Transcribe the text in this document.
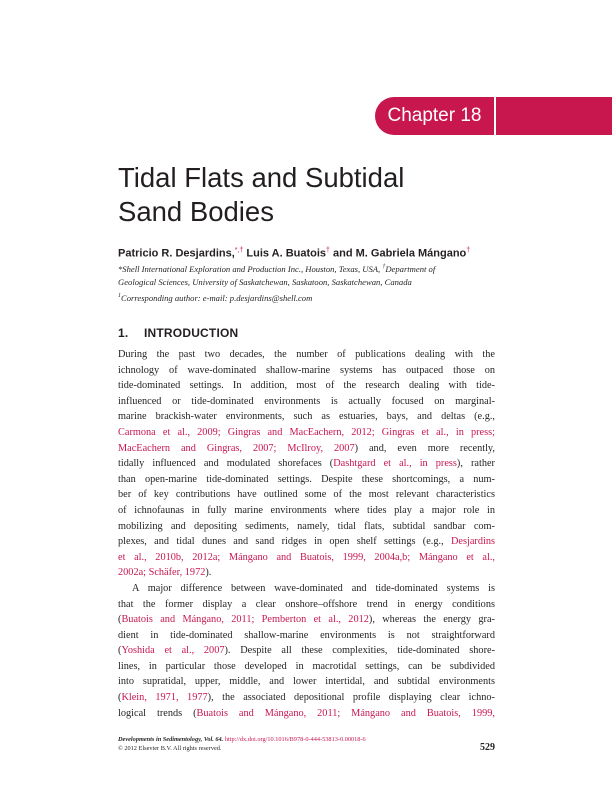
Chapter 18
Tidal Flats and Subtidal
Sand Bodies
Patricio R. Desjardins,*,† Luis A. Buatois† and M. Gabriela Mángano†
*Shell International Exploration and Production Inc., Houston, Texas, USA, †Department of
Geological Sciences, University of Saskatchewan, Saskatoon, Saskatchewan, Canada
$^1$Corresponding author: e-mail: p.desjardins@shell.com
1. INTRODUCTION
During the past two decades, the number of publications dealing with the
ichnology of wave-dominated shallow-marine systems has outpaced those on
tide-dominated settings. In addition, most of the research dealing with tide-
influenced or tide-dominated environments is actually focused on marginal-
marine brackish-water environments, such as estuaries, bays, and deltas (e.g.,
Carmona et al., 2009; Gingras and MacEachern, 2012; Gingras et al., in press;
MacEachern and Gingras, 2007; McIlroy, 2007) and, even more recently,
tidally influenced and modulated shorefaces (Dashtgard et al., in press), rather
than open-marine tide-dominated settings. Despite these shortcomings, a num-
ber of key contributions have outlined some of the most relevant characteristics
of ichnofaunas in fully marine environments where tides play a major role in
mobilizing and depositing sediments, namely, tidal flats, subtidal sandbar com-
plexes, and tidal dunes and sand ridges in open shelf settings (e.g., Desjardins
et al., 2010b, 2012a; Mángano and Buatois, 1999, 2004a,b; Mángano et al.,
2002a; Schäfer, 1972).
A major difference between wave-dominated and tide-dominated systems is
that the former display a clear onshore–offshore trend in energy conditions
(Buatois and Mángano, 2011; Pemberton et al., 2012), whereas the energy gra-
dient in tide-dominated shallow-marine environments is not straightforward
(Yoshida et al., 2007). Despite all these complexities, tide-dominated shore-
lines, in particular those developed in macrotidal settings, can be subdivided
into supratidal, upper, middle, and lower intertidal, and subtidal environments
(Klein, 1971, 1977), the associated depositional profile displaying clear ichno-
logical trends (Buatois and Mángano, 2011; Mángano and Buatois, 1999,
Developments in Sedimentology, Vol. 64. http://dx.doi.org/10.1016/B978-0-444-53813-0.00018-6
© 2012 Elsevier B.V. All rights reserved.	529
